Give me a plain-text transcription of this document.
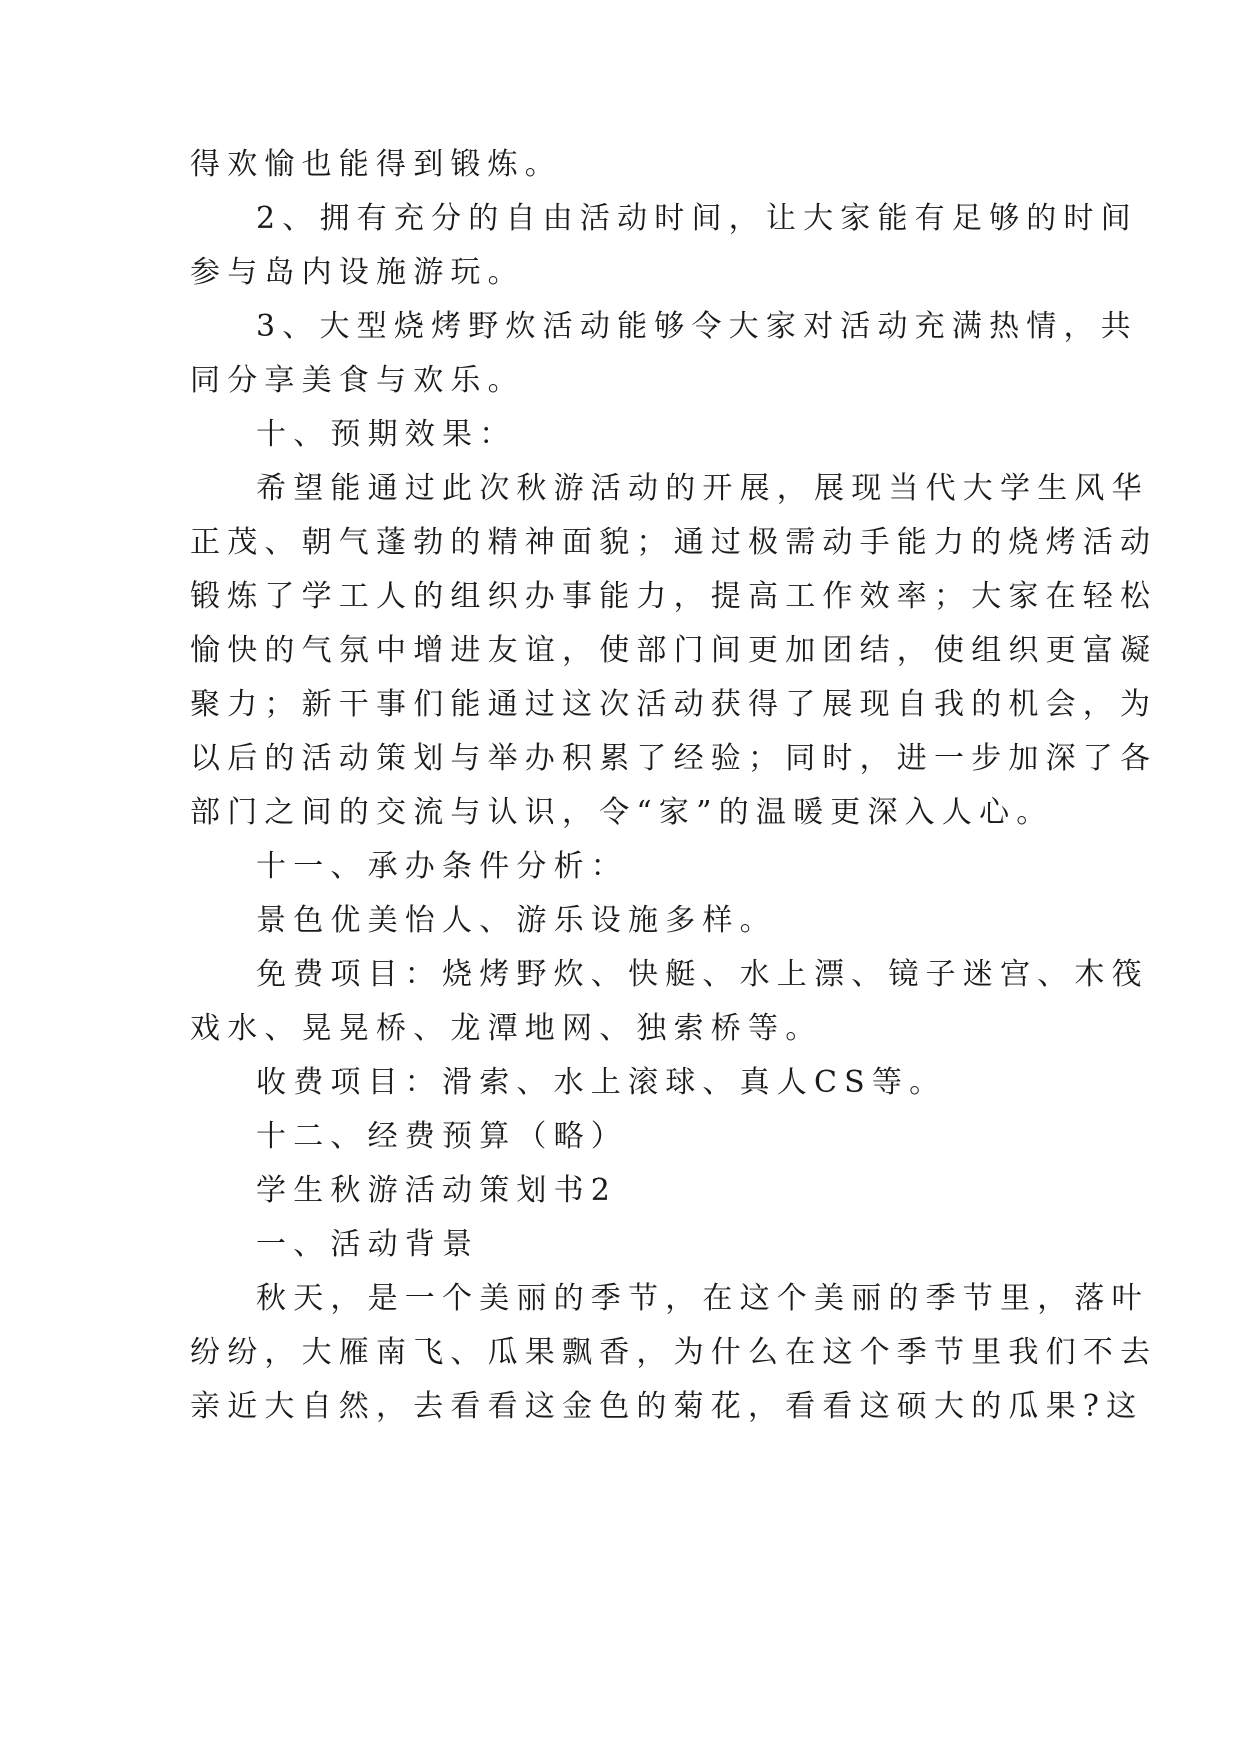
得欢愉也能得到锻炼。
2、拥有充分的自由活动时间，让大家能有足够的时间
参与岛内设施游玩。
3、大型烧烤野炊活动能够令大家对活动充满热情，共
同分享美食与欢乐。
十、预期效果：
希望能通过此次秋游活动的开展，展现当代大学生风华
正茂、朝气蓬勃的精神面貌；通过极需动手能力的烧烤活动
锻炼了学工人的组织办事能力，提高工作效率；大家在轻松
愉快的气氛中增进友谊，使部门间更加团结，使组织更富凝
聚力；新干事们能通过这次活动获得了展现自我的机会，为
以后的活动策划与举办积累了经验；同时，进一步加深了各
部门之间的交流与认识，令“家”的温暖更深入人心。
十一、承办条件分析：
景色优美怡人、游乐设施多样。
免费项目：烧烤野炊、快艇、水上漂、镜子迷宫、木筏
戏水、晃晃桥、龙潭地网、独索桥等。
收费项目：滑索、水上滚球、真人CS等。
十二、经费预算（略）
学生秋游活动策划书2
一、活动背景
秋天，是一个美丽的季节，在这个美丽的季节里，落叶
纷纷，大雁南飞、瓜果飘香，为什么在这个季节里我们不去
亲近大自然，去看看这金色的菊花，看看这硕大的瓜果?这
